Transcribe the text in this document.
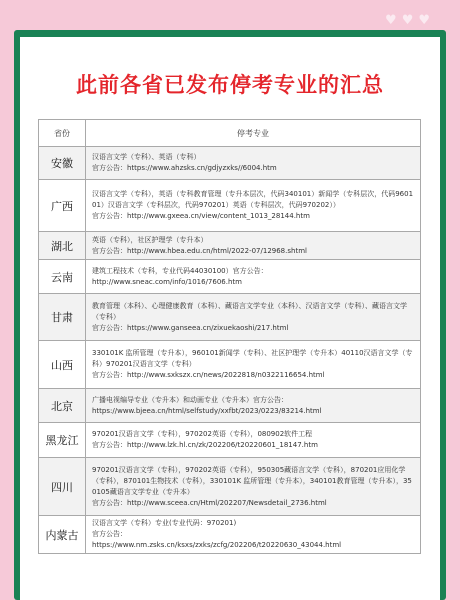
♥ ♥ ♥
此前各省已发布停考专业的汇总
省份	停考专业
安徽	汉语言文学（专科）、英语（专科）
官方公告：https://www.ahzsks.cn/gdjyzxks//6004.htm

广西	汉语言文学（专科），英语（专科教育管理（专升本层次，代码340101）新闻学（专科层次，代码960101）汉语言文学（专科层次，代码970201）英语（专科层次，代码970202））
官方公告：http://www.gxeea.cn/view/content_1013_28144.htm

湖北	英语（专科），社区护理学（专升本）
官方公告：http://www.hbea.edu.cn/html/2022-07/12968.shtml

云南	建筑工程技术（专科，专业代码44030100）官方公告：
http://www.sneac.com/info/1016/7606.htm

甘肃	教育管理（本科）、心理健康教育（本科）、藏语言文学专业（本科）、汉语言文学（专科）、藏语言文学（专科）
官方公告：https://www.ganseea.cn/zixuekaoshi/217.html

山西	330101K 监所管理（专升本），960101新闻学（专科）、社区护理学（专升本）40110汉语言文学（专科）970201汉语言文学（专科）
官方公告：http://www.sxkszx.cn/news/2022818/n0322116654.html

北京	广播电视编导专业（专升本）和动画专业（专升本）官方公告：
https://www.bjeea.cn/html/selfstudy/xxfbt/2023/0223/83214.html

黑龙江	970201汉语言文学（专科），970202英语（专科），080902软件工程
官方公告：http://www.lzk.hl.cn/zk/202206/t20220601_18147.htm

四川	970201汉语言文学（专科），970202英语（专科），950305藏语言文学（专科），870201应用化学（专科），870101生物技术（专科），330101K 监所管理（专升本），340101教育管理（专升本），350105藏语言文学专业（专升本）
官方公告：http://www.sceea.cn/Html/202207/Newsdetail_2736.html

内蒙古	汉语言文学（专科）专业(专业代码：970201)
官方公告：
https://www.nm.zsks.cn/ksxs/zxks/zcfg/202206/t20220630_43044.html
